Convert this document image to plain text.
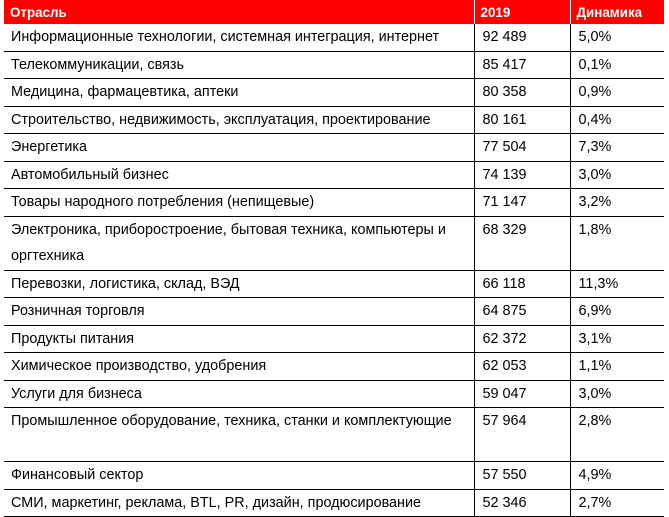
Отрасль	2019	Динамика
Информационные технологии, системная интеграция, интернет	92 489	5,0%
Телекоммуникации, связь	85 417	0,1%
Медицина, фармацевтика, аптеки	80 358	0,9%
Строительство, недвижимость, эксплуатация, проектирование	80 161	0,4%
Энергетика	77 504	7,3%
Автомобильный бизнес	74 139	3,0%
Товары народного потребления (непищевые)	71 147	3,2%
Электроника, приборостроение, бытовая техника, компьютеры и оргтехника	68 329	1,8%
Перевозки, логистика, склад, ВЭД	66 118	11,3%
Розничная торговля	64 875	6,9%
Продукты питания	62 372	3,1%
Химическое производство, удобрения	62 053	1,1%
Услуги для бизнеса	59 047	3,0%
Промышленное оборудование, техника, станки и комплектующие	57 964	2,8%
Финансовый сектор	57 550	4,9%
СМИ, маркетинг, реклама, BTL, PR, дизайн, продюсирование	52 346	2,7%
